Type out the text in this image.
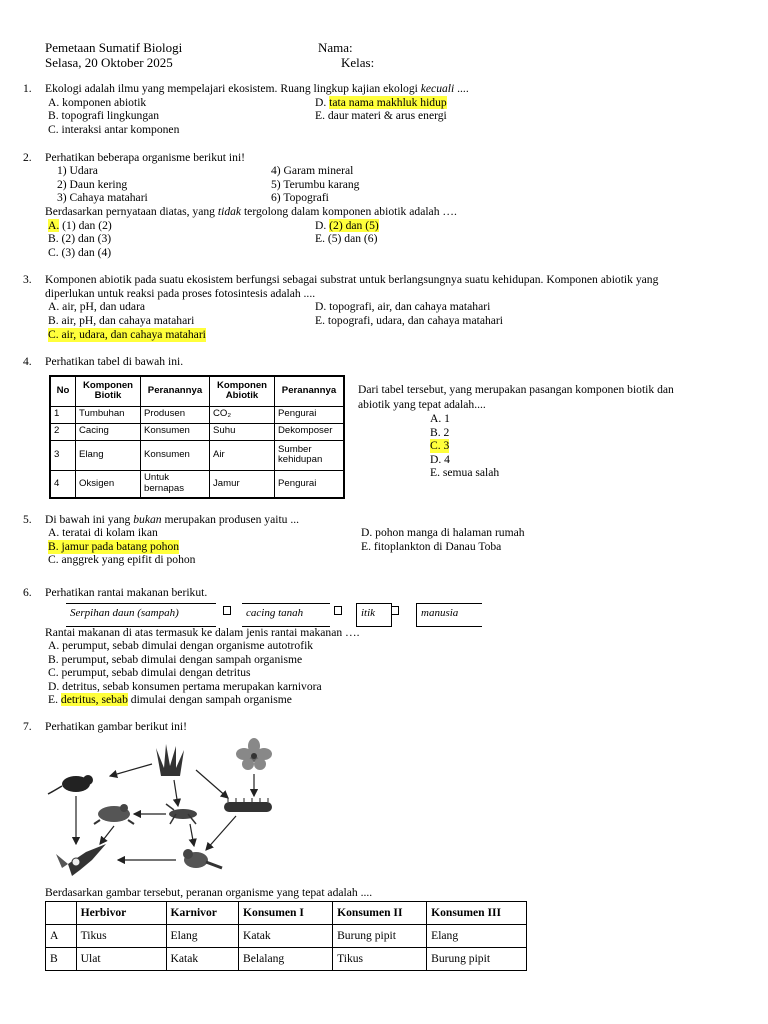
Pemetaan Sumatif Biologi
Selasa, 20 Oktober 2025
Nama:
Kelas:
1. Ekologi adalah ilmu yang mempelajari ekosistem. Ruang lingkup kajian ekologi kecuali ....
A. komponen abiotik
B. topografi lingkungan
C. interaksi antar komponen
D. tata nama makhluk hidup
E. daur materi & arus energi
2. Perhatikan beberapa organisme berikut ini!
1) Udara
2) Daun kering
3) Cahaya matahari
4) Garam mineral
5) Terumbu karang
6) Topografi
Berdasarkan pernyataan diatas, yang tidak tergolong dalam komponen abiotik adalah ….
A. (1) dan (2)
B. (2) dan (3)
C. (3) dan (4)
D. (2) dan (5)
E. (5) dan (6)
3. Komponen abiotik pada suatu ekosistem berfungsi sebagai substrat untuk berlangsungnya suatu kehidupan. Komponen abiotik yang
diperlukan untuk reaksi pada proses fotosintesis adalah ....
A. air, pH, dan udara
B. air, pH, dan cahaya matahari
C. air, udara, dan cahaya matahari
D. topografi, air, dan cahaya matahari
E. topografi, udara, dan cahaya matahari
4. Perhatikan tabel di bawah ini.
No	Komponen Biotik	Peranannya	Komponen Abiotik	Peranannya
1	Tumbuhan	Produsen	CO₂	Pengurai
2	Cacing	Konsumen	Suhu	Dekomposer
3	Elang	Konsumen	Air	Sumber kehidupan
4	Oksigen	Untuk bernapas	Jamur	Pengurai
Dari tabel tersebut, yang merupakan pasangan komponen biotik dan
abiotik yang tepat adalah....
A. 1
B. 2
C. 3
D. 4
E. semua salah
5. Di bawah ini yang bukan merupakan produsen yaitu ...
A. teratai di kolam ikan
B. jamur pada batang pohon
C. anggrek yang epifit di pohon
D. pohon manga di halaman rumah
E. fitoplankton di Danau Toba
6. Perhatikan rantai makanan berikut.
Serpihan daun (sampah)	cacing tanah	itik	manusia
Rantai makanan di atas termasuk ke dalam jenis rantai makanan ….
A. perumput, sebab dimulai dengan organisme autotrofik
B. perumput, sebab dimulai dengan sampah organisme
C. perumput, sebab dimulai dengan detritus
D. detritus, sebab konsumen pertama merupakan karnivora
E. detritus, sebab dimulai dengan sampah organisme
7. Perhatikan gambar berikut ini!
Berdasarkan gambar tersebut, peranan organisme yang tepat adalah ....
	Herbivor	Karnivor	Konsumen I	Konsumen II	Konsumen III
A	Tikus	Elang	Katak	Burung pipit	Elang
B	Ulat	Katak	Belalang	Tikus	Burung pipit
